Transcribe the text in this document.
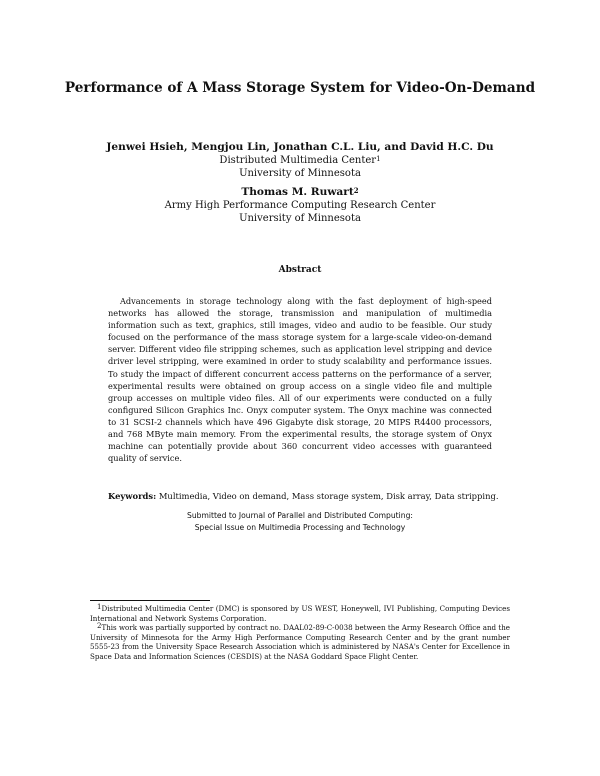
Performance of A Mass Storage System for Video-On-Demand
Jenwei Hsieh, Mengjou Lin, Jonathan C.L. Liu, and David H.C. Du
Distributed Multimedia Center$^1$
University of Minnesota
Thomas M. Ruwart$^2$
Army High Performance Computing Research Center
University of Minnesota
Abstract

Advancements in storage technology along with the fast deployment of high-speed networks has allowed the storage, transmission and manipulation of multimedia information such as text, graphics, still images, video and audio to be feasible. Our study focused on the performance of the mass storage system for a large-scale video-on-demand server. Different video file stripping schemes, such as application level stripping and device driver level stripping, were examined in order to study scalability and performance issues. To study the impact of different concurrent access patterns on the performance of a server, experimental results were obtained on group access on a single video file and multiple group accesses on multiple video files. All of our experiments were conducted on a fully configured Silicon Graphics Inc. Onyx computer system. The Onyx machine was connected to 31 SCSI-2 channels which have 496 Gigabyte disk storage, 20 MIPS R4400 processors, and 768 MByte main memory. From the experimental results, the storage system of Onyx machine can potentially provide about 360 concurrent video accesses with guaranteed quality of service.

Keywords: Multimedia, Video on demand, Mass storage system, Disk array, Data stripping.
Submitted to Journal of Parallel and Distributed Computing:
Special Issue on Multimedia Processing and Technology

$^1$Distributed Multimedia Center (DMC) is sponsored by US WEST, Honeywell, IVI Publishing, Computing Devices International and Network Systems Corporation.

$^2$This work was partially supported by contract no. DAAL02-89-C-0038 between the Army Research Office and the University of Minnesota for the Army High Performance Computing Research Center and by the grant number 5555-23 from the University Space Research Association which is administered by NASA's Center for Excellence in Space Data and Information Sciences (CESDIS) at the NASA Goddard Space Flight Center.
